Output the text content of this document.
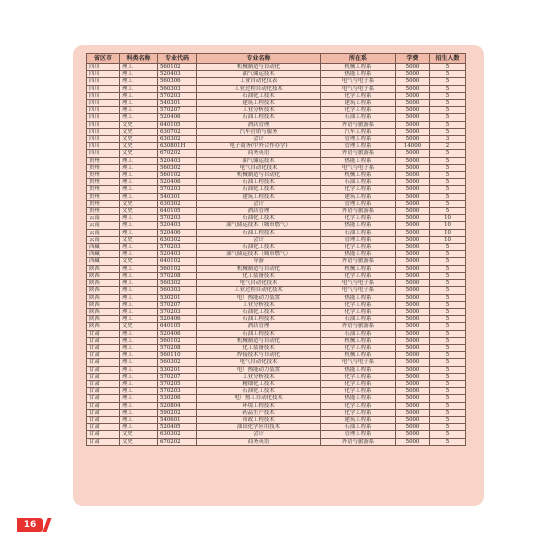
省区市	科类名称	专业代码	专业名称	所在系	学费	招生人数
四川	理工	560102	机械制造与自动化	机械工程系	5000	5
四川	理工	520403	油气储运技术	热能工程系	5000	5
四川	理工	560306	工业自动化仪表	电气与电子系	5000	5
四川	理工	560303	工业过程自动化技术	电气与电子系	5000	5
四川	理工	570203	石油化工技术	化学工程系	5000	5
四川	理工	540301	建筑工程技术	建筑工程系	5000	5
四川	理工	570207	工业分析技术	化学工程系	5000	5
四川	理工	520406	石油工程技术	石油工程系	5000	5
四川	文史	640105	酒店管理	外语与旅游系	5000	5
四川	文史	630702	汽车营销与服务	汽车工程系	5000	5
四川	文史	630302	会计	管理工程系	5000	3
四川	文史	630801H	电子商务(中外合作办学)	管理工程系	14000	2
四川	文史	670202	商务英语	外语与旅游系	5000	5
贵州	理工	520403	油气储运技术	热能工程系	5000	5
贵州	理工	560302	电气自动化技术	电气与电子系	5000	5
贵州	理工	560102	机械制造与自动化	机械工程系	5000	5
贵州	理工	520406	石油工程技术	石油工程系	5000	5
贵州	理工	570203	石油化工技术	化学工程系	5000	5
贵州	理工	540301	建筑工程技术	建筑工程系	5000	5
贵州	文史	630302	会计	管理工程系	5000	5
贵州	文史	640105	酒店管理	外语与旅游系	5000	5
云南	理工	570203	石油化工技术	化学工程系	5000	10
云南	理工	520403	油气储运技术（城市燃气）	热能工程系	5000	10
云南	理工	520406	石油工程技术	石油工程系	5000	10
云南	文史	630302	会计	管理工程系	5000	10
西藏	理工	570203	石油化工技术	化学工程系	5000	5
西藏	理工	520403	油气储运技术（城市燃气）	热能工程系	5000	5
西藏	文史	640102	导游	外语与旅游系	5000	5
陕西	理工	560102	机械制造与自动化	机械工程系	5000	5
陕西	理工	570208	化工装备技术	化学工程系	5000	5
陕西	理工	560302	电气自动化技术	电气与电子系	5000	5
陕西	理工	560303	工业过程自动化技术	电气与电子系	5000	5
陕西	理工	530201	电厂热能动力装置	热能工程系	5000	5
陕西	理工	570207	工业分析技术	化学工程系	5000	5
陕西	理工	570203	石油化工技术	化学工程系	5000	5
陕西	理工	520406	石油工程技术	石油工程系	5000	5
陕西	文史	640105	酒店管理	外语与旅游系	5000	5
甘肃	理工	520406	石油工程技术	石油工程系	5000	5
甘肃	理工	560102	机械制造与自动化	机械工程系	5000	5
甘肃	理工	570208	化工装备技术	化学工程系	5000	5
甘肃	理工	560110	焊接技术与自动化	机械工程系	5000	5
甘肃	理工	560302	电气自动化技术	电气与电子系	5000	5
甘肃	理工	530201	电厂热能动力装置	热能工程系	5000	5
甘肃	理工	570207	工业分析技术	化学工程系	5000	5
甘肃	理工	570205	精细化工技术	化学工程系	5000	5
甘肃	理工	570203	石油化工技术	化学工程系	5000	5
甘肃	理工	530206	电厂热工自动化技术	热能工程系	5000	5
甘肃	理工	520804	环境工程技术	化学工程系	5000	5
甘肃	理工	590202	药品生产技术	化学工程系	5000	5
甘肃	理工	540601	市政工程技术	建筑工程系	5000	5
甘肃	理工	520405	油田化学应用技术	石油工程系	5000	5
甘肃	文史	630302	会计	管理工程系	5000	5
甘肃	文史	670202	商务英语	外语与旅游系	5000	5
16
